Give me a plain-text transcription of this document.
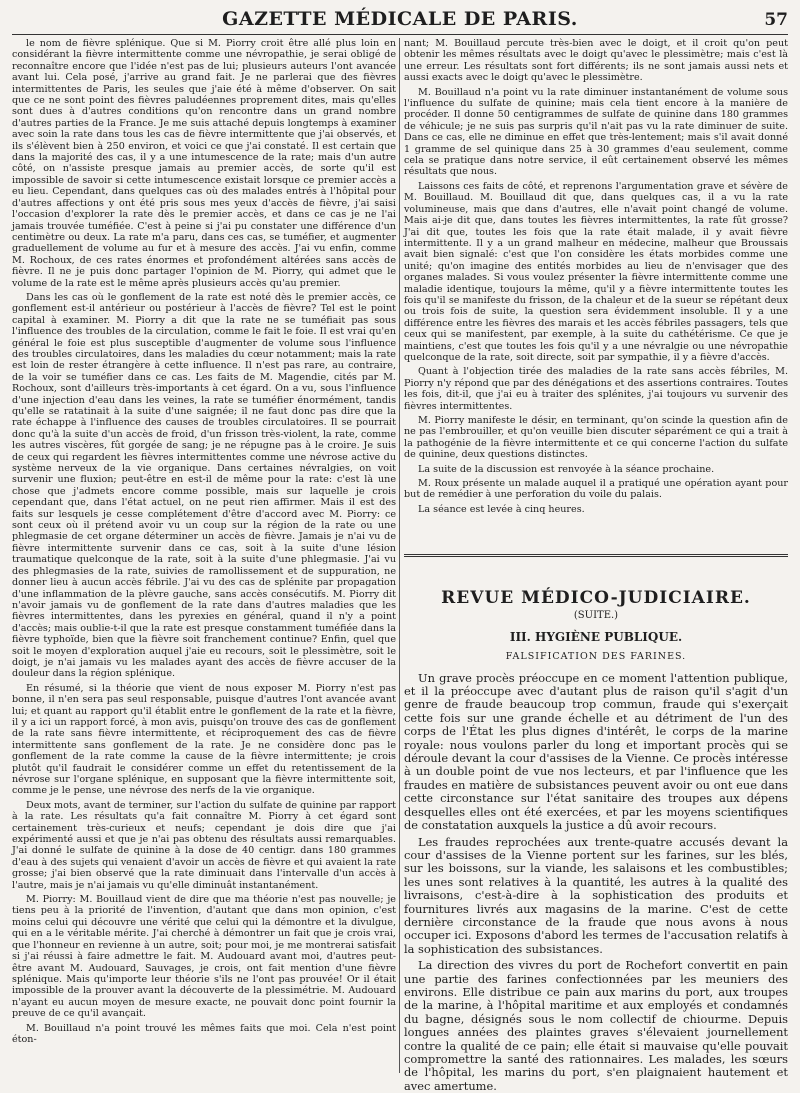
GAZETTE MÉDICALE DE PARIS.	57

le nom de fièvre splénique. Que si M. Piorry croit être allé plus loin en considérant la fièvre intermittente comme une névropathie, je serai obligé de reconnaître encore que l'idée n'est pas de lui; plusieurs auteurs l'ont avancée avant lui. Cela posé, j'arrive au grand fait. Je ne parlerai que des fièvres intermittentes de Paris, les seules que j'aie été à même d'observer. On sait que ce ne sont point des fièvres paludéennes proprement dites, mais qu'elles sont dues à d'autres conditions qu'on rencontre dans un grand nombre d'autres parties de la France. Je me suis attaché depuis longtemps à examiner avec soin la rate dans tous les cas de fièvre intermittente que j'ai observés, et ils s'élèvent bien à 250 environ, et voici ce que j'ai constaté. Il est certain que dans la majorité des cas, il y a une intumescence de la rate; mais d'un autre côté, on n'assiste presque jamais au premier accès, de sorte qu'il est impossible de savoir si cette intumescence existait lorsque ce premier accès a eu lieu. Cependant, dans quelques cas où des malades entrés à l'hôpital pour d'autres affections y ont été pris sous mes yeux d'accès de fièvre, j'ai saisi l'occasion d'explorer la rate dès le premier accès, et dans ce cas je ne l'ai jamais trouvée tuméfiée. C'est à peine si j'ai pu constater une différence d'un centimètre ou deux. La rate m'a paru, dans ces cas, se tuméfier, et augmenter graduellement de volume au fur et à mesure des accès. J'ai vu enfin, comme M. Rochoux, de ces rates énormes et profondément altérées sans accès de fièvre. Il ne je puis donc partager l'opinion de M. Piorry, qui admet que le volume de la rate est le même après plusieurs accès qu'au premier.

Dans les cas où le gonflement de la rate est noté dès le premier accès, ce gonflement est-il antérieur ou postérieur à l'accès de fièvre? Tel est le point capital à examiner. M. Piorry a dit que la rate ne se tuméfiait pas sous l'influence des troubles de la circulation, comme le fait le foie. Il est vrai qu'en général le foie est plus susceptible d'augmenter de volume sous l'influence des troubles circulatoires, dans les maladies du cœur notamment; mais la rate est loin de rester étrangère à cette influence. Il n'est pas rare, au contraire, de la voir se tuméfier dans ce cas. Les faits de M. Magendie, cités par M. Rochoux, sont d'ailleurs très-importants à cet égard. On a vu, sous l'influence d'une injection d'eau dans les veines, la rate se tuméfier énormément, tandis qu'elle se ratatinait à la suite d'une saignée; il ne faut donc pas dire que la rate échappe à l'influence des causes de troubles circulatoires. Il se pourrait donc qu'à la suite d'un accès de froid, d'un frisson très-violent, la rate, comme les autres viscères, fût gorgée de sang; je ne répugne pas à le croire. Je suis de ceux qui regardent les fièvres intermittentes comme une névrose active du système nerveux de la vie organique. Dans certaines névralgies, on voit survenir une fluxion; peut-être en est-il de même pour la rate: c'est là une chose que j'admets encore comme possible, mais sur laquelle je crois cependant que, dans l'état actuel, on ne peut rien affirmer. Mais il est des faits sur lesquels je cesse complétement d'être d'accord avec M. Piorry: ce sont ceux où il prétend avoir vu un coup sur la région de la rate ou une phlegmasie de cet organe déterminer un accès de fièvre. Jamais je n'ai vu de fièvre intermittente survenir dans ce cas, soit à la suite d'une lésion traumatique quelconque de la rate, soit à la suite d'une phlegmasie. J'ai vu des phlegmasies de la rate, suivies de ramollissement et de suppuration, ne donner lieu à aucun accès fébrile. J'ai vu des cas de splénite par propagation d'une inflammation de la plèvre gauche, sans accès consécutifs. M. Piorry dit n'avoir jamais vu de gonflement de la rate dans d'autres maladies que les fièvres intermittentes, dans les pyrexies en général, quand il n'y a point d'accès; mais oublie-t-il que la rate est presque constamment tuméfiée dans la fièvre typhoïde, bien que la fièvre soit franchement continue? Enfin, quel que soit le moyen d'exploration auquel j'aie eu recours, soit le plessimètre, soit le doigt, je n'ai jamais vu les malades ayant des accès de fièvre accuser de la douleur dans la région splénique.

En résumé, si la théorie que vient de nous exposer M. Piorry n'est pas bonne, il n'en sera pas seul responsable, puisque d'autres l'ont avancée avant lui; et quant au rapport qu'il établit entre le gonflement de la rate et la fièvre, il y a ici un rapport forcé, à mon avis, puisqu'on trouve des cas de gonflement de la rate sans fièvre intermittente, et réciproquement des cas de fièvre intermittente sans gonflement de la rate. Je ne considère donc pas le gonflement de la rate comme la cause de la fièvre intermittente; je crois plutôt qu'il faudrait le considérer comme un effet du retentissement de la névrose sur l'organe splénique, en supposant que la fièvre intermittente soit, comme je le pense, une névrose des nerfs de la vie organique.

Deux mots, avant de terminer, sur l'action du sulfate de quinine par rapport à la rate. Les résultats qu'a fait connaître M. Piorry à cet égard sont certainement très-curieux et neufs; cependant je dois dire que j'ai expérimenté aussi et que je n'ai pas obtenu des résultats aussi remarquables. J'ai donné le sulfate de quinine à la dose de 40 centigr. dans 180 grammes d'eau à des sujets qui venaient d'avoir un accès de fièvre et qui avaient la rate grosse; j'ai bien observé que la rate diminuait dans l'intervalle d'un accès à l'autre, mais je n'ai jamais vu qu'elle diminuât instantanément.

M. Piorry: M. Bouillaud vient de dire que ma théorie n'est pas nouvelle; je tiens peu à la priorité de l'invention, d'autant que dans mon opinion, c'est moins celui qui découvre une vérité que celui qui la démontre et la divulgue, qui en a le véritable mérite. J'ai cherché à démontrer un fait que je crois vrai, que l'honneur en revienne à un autre, soit; pour moi, je me montrerai satisfait si j'ai réussi à faire admettre le fait. M. Audouard avant moi, d'autres peut-être avant M. Audouard, Sauvages, je crois, ont fait mention d'une fièvre splénique. Mais qu'importe leur théorie s'ils ne l'ont pas prouvée! Or il était impossible de la prouver avant la découverte de la plessimétrie. M. Audouard n'ayant eu aucun moyen de mesure exacte, ne pouvait donc point fournir la preuve de ce qu'il avançait.

M. Bouillaud n'a point trouvé les mêmes faits que moi. Cela n'est point éton-

nant; M. Bouillaud percute très-bien avec le doigt, et il croit qu'on peut obtenir les mêmes résultats avec le doigt qu'avec le plessimètre; mais c'est là une erreur. Les résultats sont fort différents; ils ne sont jamais aussi nets et aussi exacts avec le doigt qu'avec le plessimètre.

M. Bouillaud n'a point vu la rate diminuer instantanément de volume sous l'influence du sulfate de quinine; mais cela tient encore à la manière de procéder. Il donne 50 centigrammes de sulfate de quinine dans 180 grammes de véhicule; je ne suis pas surpris qu'il n'ait pas vu la rate diminuer de suite. Dans ce cas, elle ne diminue en effet que très-lentement; mais s'il avait donné 1 gramme de sel quinique dans 25 à 30 grammes d'eau seulement, comme cela se pratique dans notre service, il eût certainement observé les mêmes résultats que nous.

Laissons ces faits de côté, et reprenons l'argumentation grave et sévère de M. Bouillaud. M. Bouillaud dit que, dans quelques cas, il a vu la rate volumineuse, mais que dans d'autres, elle n'avait point changé de volume. Mais ai-je dit que, dans toutes les fièvres intermittentes, la rate fût grosse? J'ai dit que, toutes les fois que la rate était malade, il y avait fièvre intermittente. Il y a un grand malheur en médecine, malheur que Broussais avait bien signalé: c'est que l'on considère les états morbides comme une unité; qu'on imagine des entités morbides au lieu de n'envisager que des organes malades. Si vous voulez présenter la fièvre intermittente comme une maladie identique, toujours la même, qu'il y a fièvre intermittente toutes les fois qu'il se manifeste du frisson, de la chaleur et de la sueur se répétant deux ou trois fois de suite, la question sera évidemment insoluble. Il y a une différence entre les fièvres des marais et les accès fébriles passagers, tels que ceux qui se manifestent, par exemple, à la suite du cathétérisme. Ce que je maintiens, c'est que toutes les fois qu'il y a une névralgie ou une névropathie quelconque de la rate, soit directe, soit par sympathie, il y a fièvre d'accès.

Quant à l'objection tirée des maladies de la rate sans accès fébriles, M. Piorry n'y répond que par des dénégations et des assertions contraires. Toutes les fois, dit-il, que j'ai eu à traiter des splénites, j'ai toujours vu survenir des fièvres intermittentes.

M. Piorry manifeste le désir, en terminant, qu'on scinde la question afin de ne pas l'embrouiller, et qu'on veuille bien discuter séparément ce qui a trait à la pathogénie de la fièvre intermittente et ce qui concerne l'action du sulfate de quinine, deux questions distinctes.

La suite de la discussion est renvoyée à la séance prochaine.

M. Roux présente un malade auquel il a pratiqué une opération ayant pour but de remédier à une perforation du voile du palais.

La séance est levée à cinq heures.

REVUE MÉDICO-JUDICIAIRE.

(SUITE.)

III. HYGIÈNE PUBLIQUE.

FALSIFICATION DES FARINES.

Un grave procès préoccupe en ce moment l'attention publique, et il la préoccupe avec d'autant plus de raison qu'il s'agit d'un genre de fraude beaucoup trop commun, fraude qui s'exerçait cette fois sur une grande échelle et au détriment de l'un des corps de l'État les plus dignes d'intérêt, le corps de la marine royale: nous voulons parler du long et important procès qui se déroule devant la cour d'assises de la Vienne. Ce procès intéresse à un double point de vue nos lecteurs, et par l'influence que les fraudes en matière de subsistances peuvent avoir ou ont eue dans cette circonstance sur l'état sanitaire des troupes aux dépens desquelles elles ont été exercées, et par les moyens scientifiques de constatation auxquels la justice a dû avoir recours.

Les fraudes reprochées aux trente-quatre accusés devant la cour d'assises de la Vienne portent sur les farines, sur les blés, sur les boissons, sur la viande, les salaisons et les combustibles; les unes sont relatives à la quantité, les autres à la qualité des livraisons, c'est-à-dire à la sophistication des produits et fournitures livrés aux magasins de la marine. C'est de cette dernière circonstance de la fraude que nous avons à nous occuper ici. Exposons d'abord les termes de l'accusation relatifs à la sophistication des subsistances.

La direction des vivres du port de Rochefort convertit en pain une partie des farines confectionnées par les meuniers des environs. Elle distribue ce pain aux marins du port, aux troupes de la marine, à l'hôpital maritime et aux employés et condamnés du bagne, désignés sous le nom collectif de chiourme. Depuis longues années des plaintes graves s'élevaient journellement contre la qualité de ce pain; elle était si mauvaise qu'elle pouvait compromettre la santé des rationnaires. Les malades, les sœurs de l'hôpital, les marins du port, s'en plaignaient hautement et avec amertume.
